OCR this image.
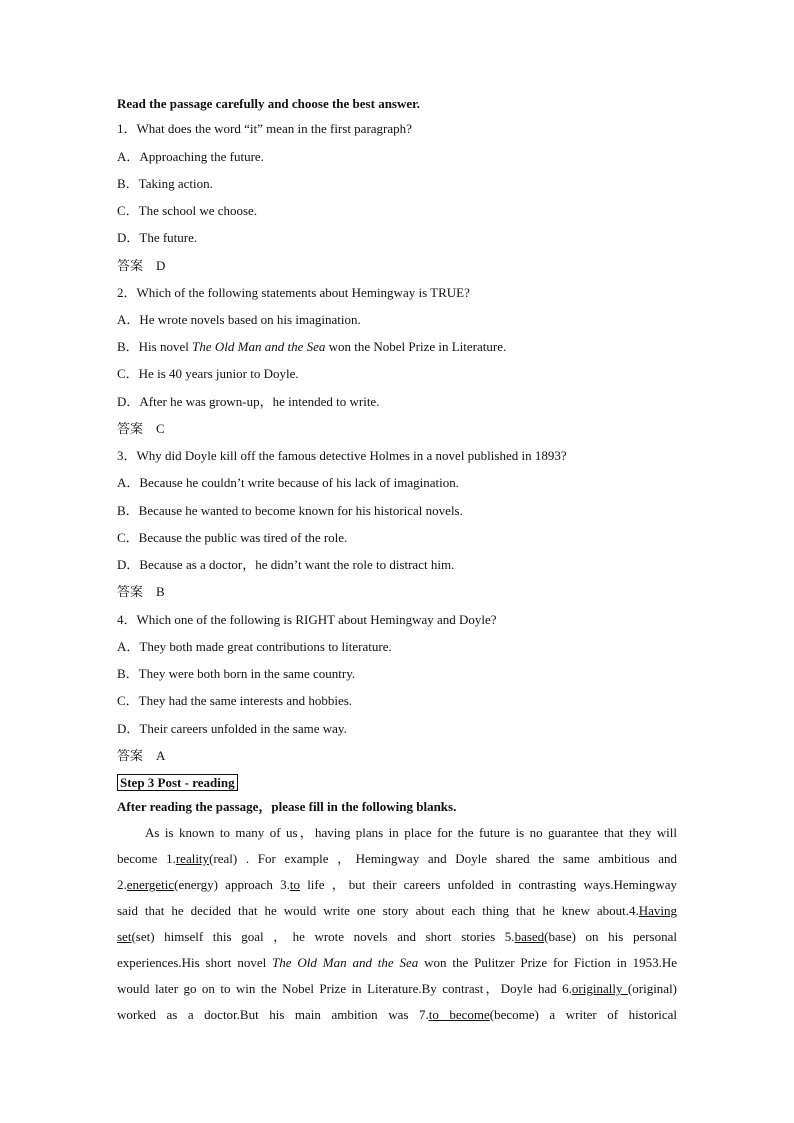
Read the passage carefully and choose the best answer.
1．What does the word “it” mean in the first paragraph?
A．Approaching the future.
B．Taking action.
C．The school we choose.
D．The future.
答案 D
2．Which of the following statements about Hemingway is TRUE?
A．He wrote novels based on his imagination.
B．His novel The Old Man and the Sea won the Nobel Prize in Literature.
C．He is 40 years junior to Doyle.
D．After he was grown-up，he intended to write.
答案 C
3．Why did Doyle kill off the famous detective Holmes in a novel published in 1893?
A．Because he couldn’t write because of his lack of imagination.
B．Because he wanted to become known for his historical novels.
C．Because the public was tired of the role.
D．Because as a doctor，he didn’t want the role to distract him.
答案 B
4．Which one of the following is RIGHT about Hemingway and Doyle?
A．They both made great contributions to literature.
B．They were both born in the same country.
C．They had the same interests and hobbies.
D．Their careers unfolded in the same way.
答案 A
Step 3 Post - reading
After reading the passage，please fill in the following blanks.
As is known to many of us，having plans in place for the future is no guarantee that they will
become 1.reality(real) . For example ，Hemingway and Doyle shared the same ambitious and
2.energetic(energy) approach 3.to life ，but their careers unfolded in contrasting ways.Hemingway
said that he decided that he would write one story about each thing that he knew about.4.Having
set(set) himself this goal ，he wrote novels and short stories 5.based(base) on his personal
experiences.His short novel The Old Man and the Sea won the Pulitzer Prize for Fiction in 1953.He
would later go on to win the Nobel Prize in Literature.By contrast，Doyle had 6.originally (original)
worked as a doctor.But his main ambition was 7.to become(become) a writer of historical
